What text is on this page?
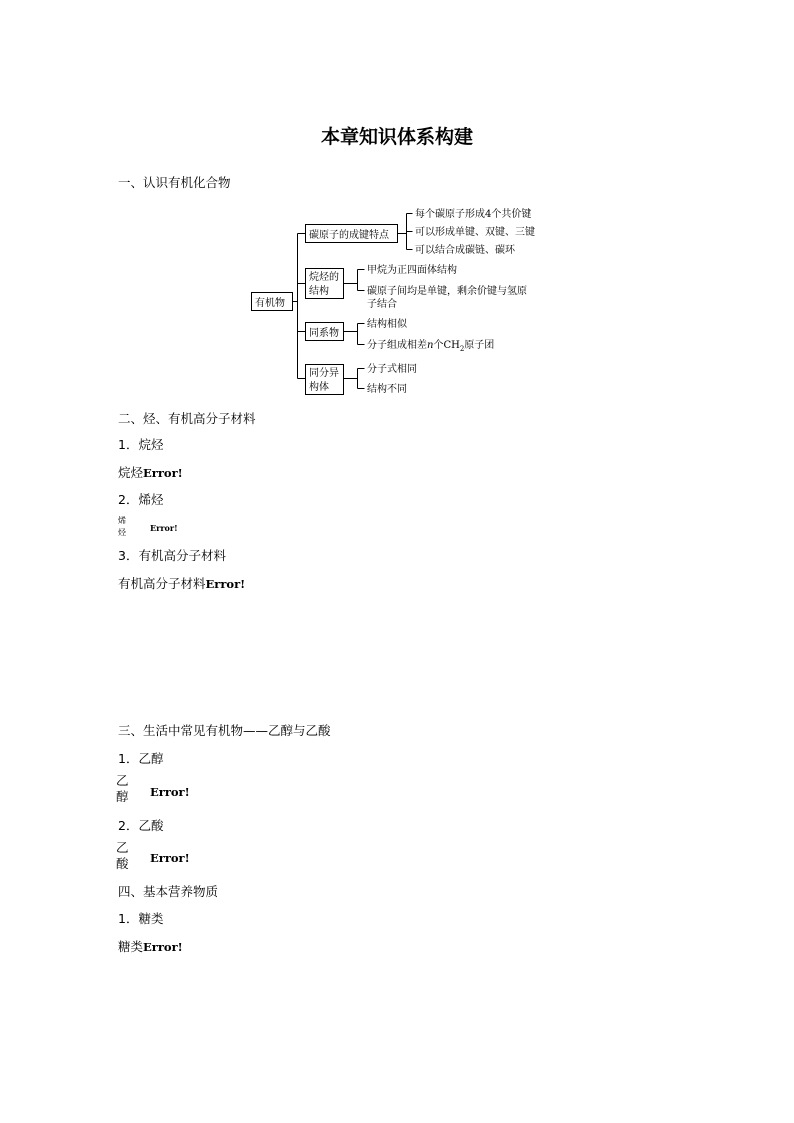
本章知识体系构建
一、认识有机化合物
有机物
碳原子的成键特点
每个碳原子形成4个共价键
可以形成单键、双键、三键
可以结合成碳链、碳环
烷烃的
结构
甲烷为正四面体结构
碳原子间均是单键，剩余价键与氢原
子结合
同系物
结构相似
分子组成相差n个$CH_2$原子团
同分异
构体
分子式相同
结构不同
二、烃、有机高分子材料
1．烷烃
烷烃Error!
2．烯烃
烯
烃	Error!
3．有机高分子材料
有机高分子材料Error!
三、生活中常见有机物——乙醇与乙酸
1．乙醇
乙
醇	Error!
2．乙酸
乙
酸	Error!
四、基本营养物质
1．糖类
糖类Error!
